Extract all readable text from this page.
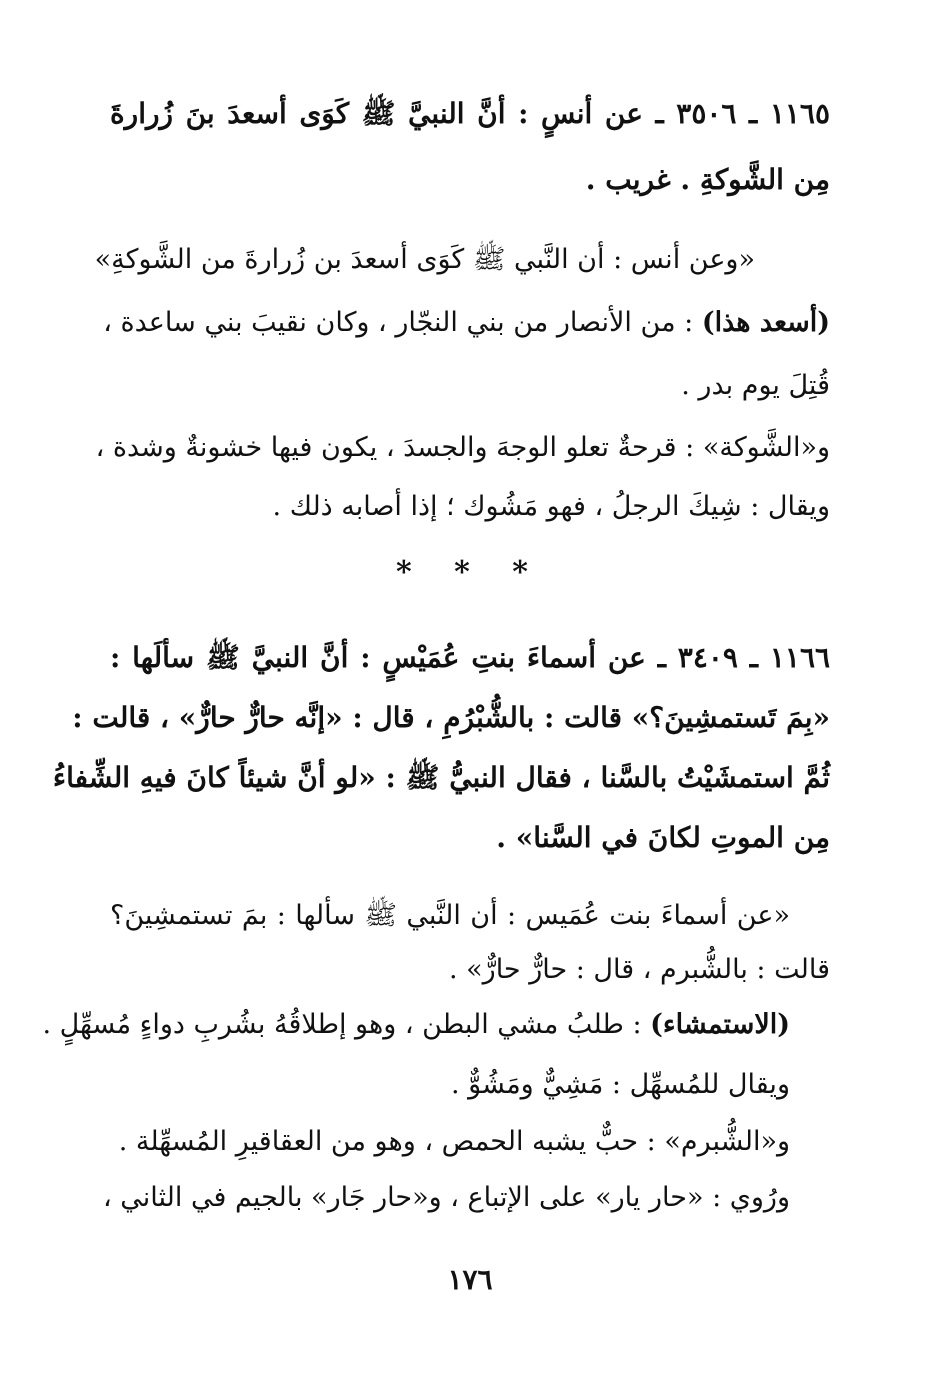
١١٦٥ ـ ٣٥٠٦ ـ عن أنسٍ : أنَّ النبيَّ ﷺ كَوَى أسعدَ بنَ زُرارةَ
مِن الشَّوكةِ . غريب .
«وعن أنس : أن النَّبي ﷺ كَوَى أسعدَ بن زُرارةَ من الشَّوكةِ»
(أسعد هذا) : من الأنصار من بني النجّار ، وكان نقيبَ بني ساعدة ،
قُتِلَ يوم بدر .
و«الشَّوكة» : قرحةٌ تعلو الوجهَ والجسدَ ، يكون فيها خشونةٌ وشدة ،
ويقال : شِيكَ الرجلُ ، فهو مَشُوك ؛ إذا أصابه ذلك .
* * *
١١٦٦ ـ ٣٤٠٩ ـ عن أسماءَ بنتِ عُمَيْسٍ : أنَّ النبيَّ ﷺ سألَها :
«بِمَ تَستمشِينَ؟» قالت : بالشُّبْرُمِ ، قال : «إنَّه حارٌّ حارٌّ» ، قالت :
ثُمَّ استمشَيْتُ بالسَّنا ، فقال النبيُّ ﷺ : «لو أنَّ شيئاً كانَ فيهِ الشِّفاءُ
مِن الموتِ لكانَ في السَّنا» .
«عن أسماءَ بنت عُمَيس : أن النَّبي ﷺ سألها : بمَ تستمشِينَ؟
قالت : بالشُّبرم ، قال : حارٌّ حارٌّ» .
(الاستمشاء) : طلبُ مشي البطن ، وهو إطلاقُهُ بشُربِ دواءٍ مُسهِّلٍ .
ويقال للمُسهِّل : مَشِيٌّ ومَشُوٌّ .
و«الشُّبرم» : حبٌّ يشبه الحمص ، وهو من العقاقيرِ المُسهِّلة .
ورُوي : «حار يار» على الإتباع ، و«حار جَار» بالجيم في الثاني ،
١٧٦
